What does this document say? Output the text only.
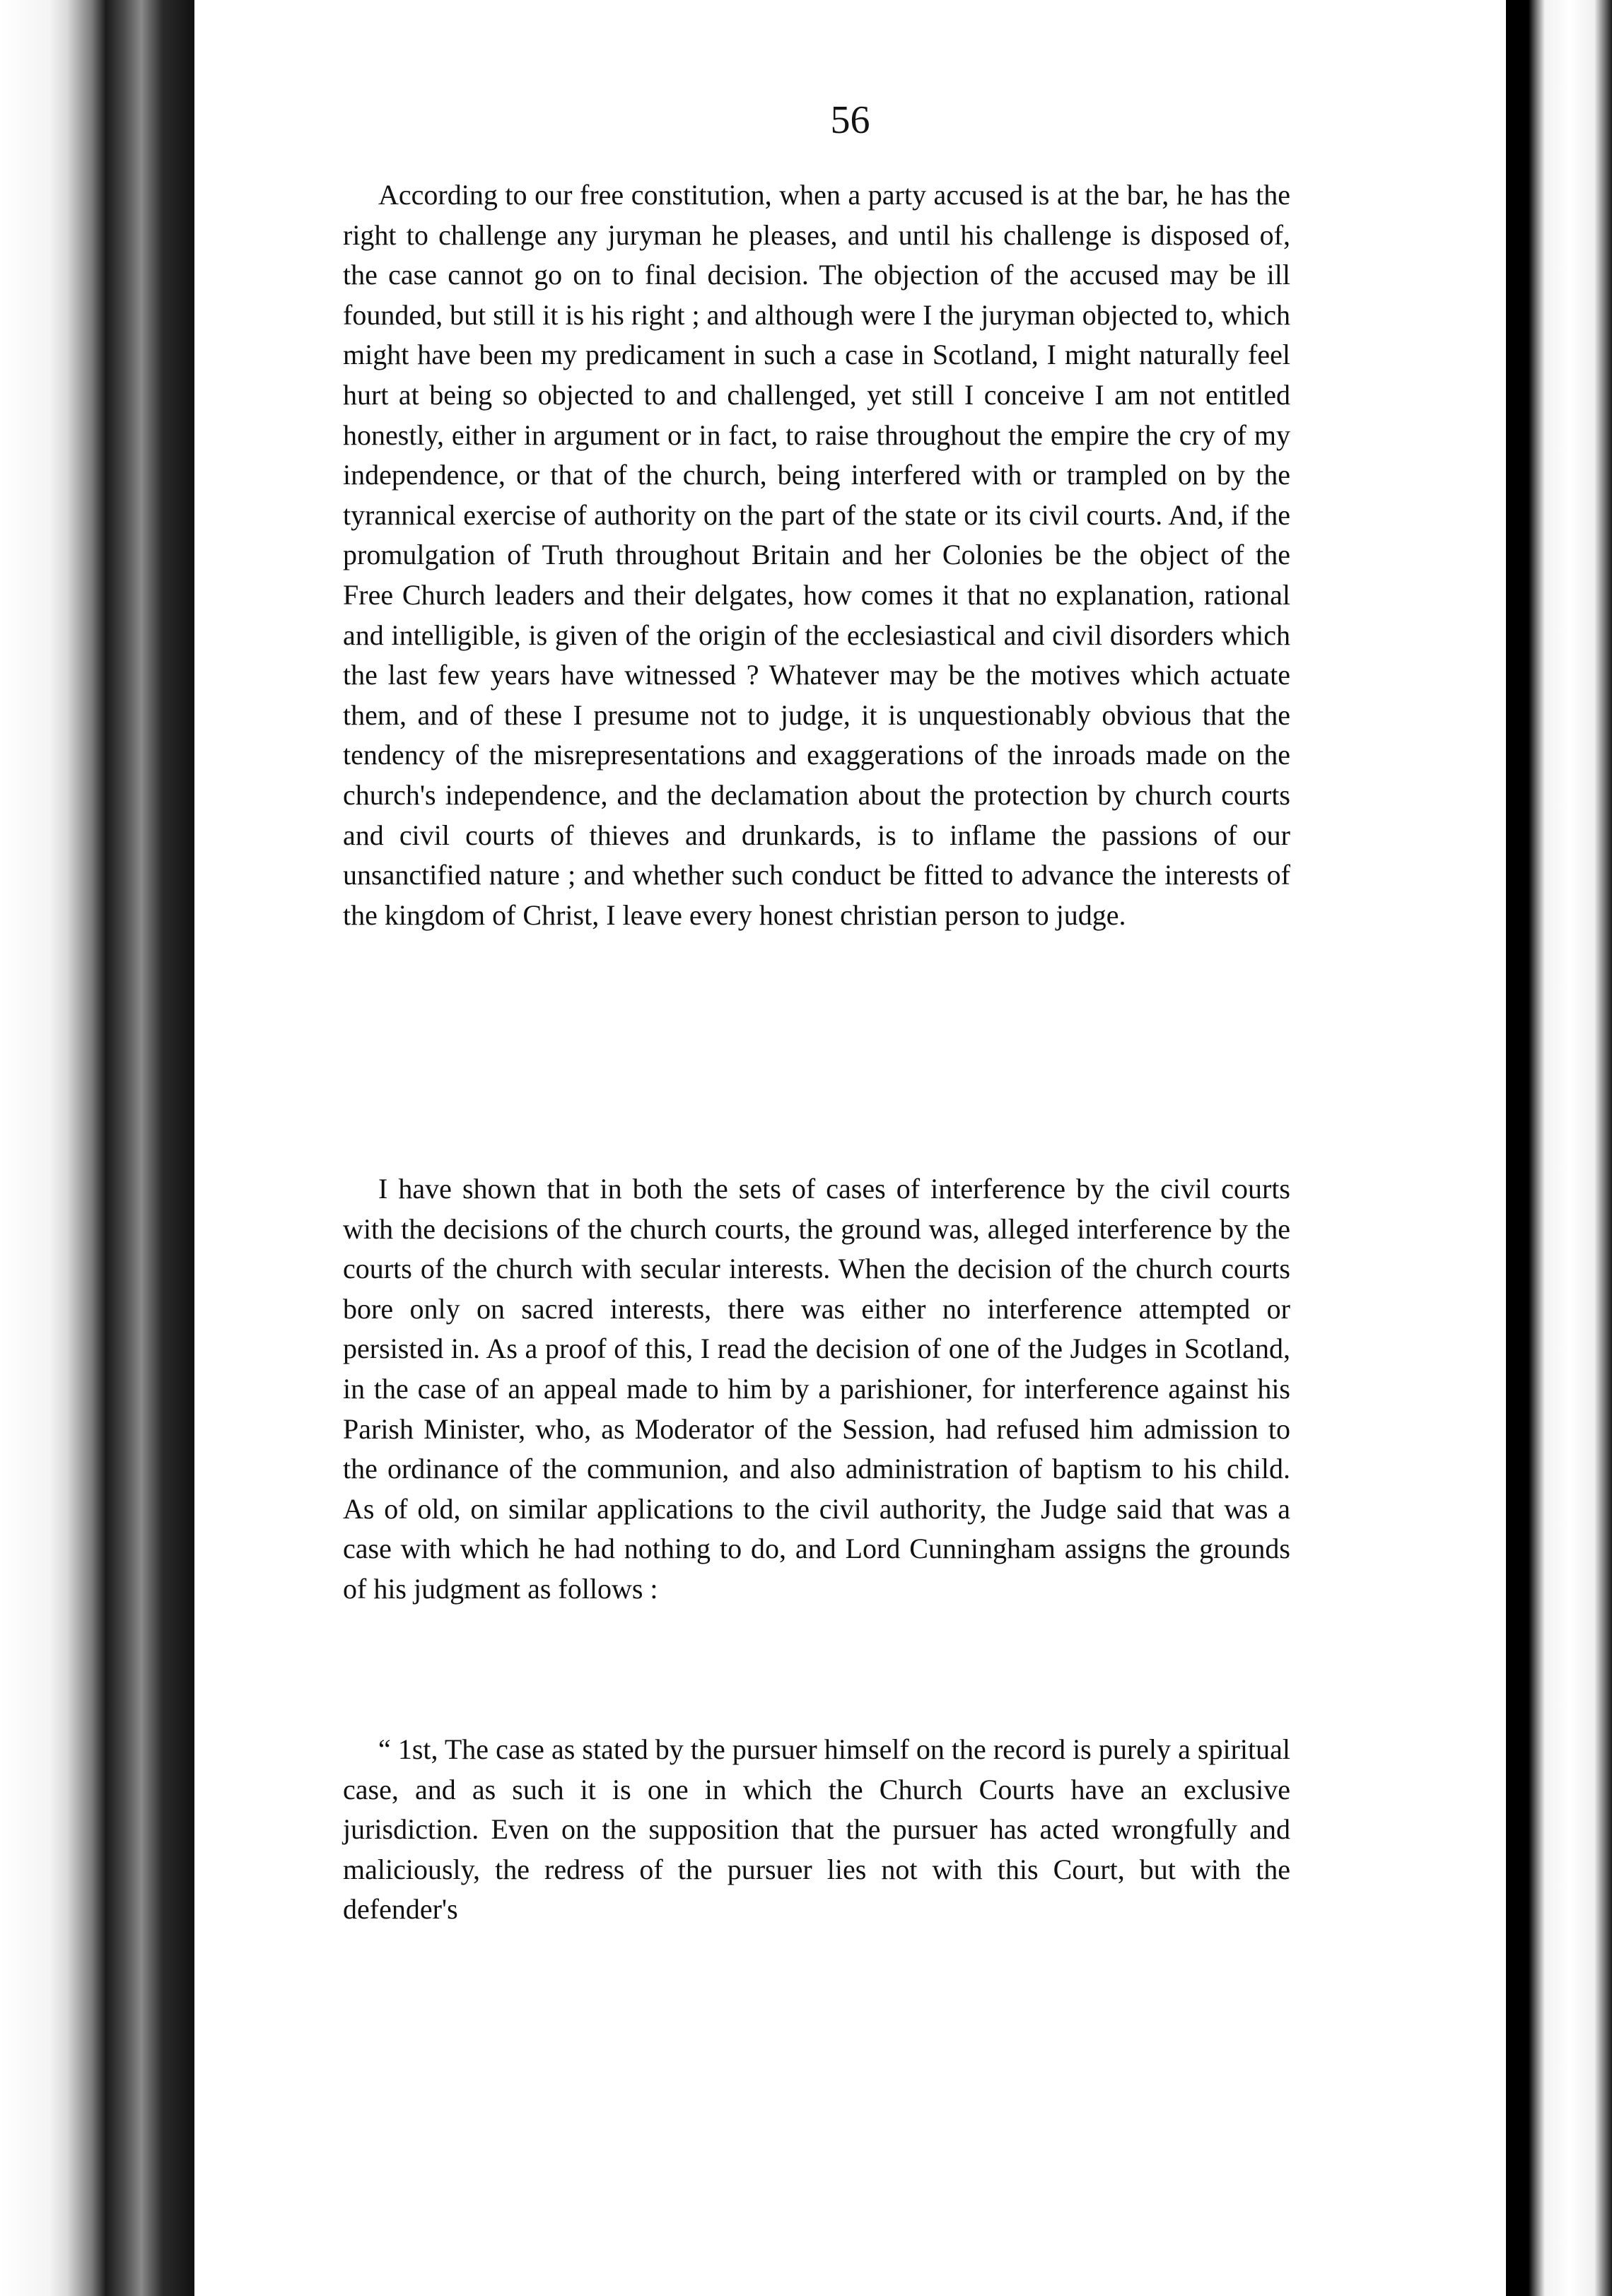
56

According to our free constitution, when a party accused is at the bar, he has the right to challenge any juryman he pleases, and until his challenge is disposed of, the case cannot go on to final decision. The objection of the accused may be ill founded, but still it is his right ; and although were I the juryman objected to, which might have been my predicament in such a case in Scotland, I might naturally feel hurt at being so objected to and challenged, yet still I conceive I am not entitled honestly, either in argument or in fact, to raise throughout the empire the cry of my independence, or that of the church, being interfered with or trampled on by the tyrannical exercise of authority on the part of the state or its civil courts. And, if the promulgation of Truth throughout Britain and her Colonies be the object of the Free Church leaders and their delgates, how comes it that no explanation, rational and intelligible, is given of the origin of the ecclesiastical and civil disorders which the last few years have witnessed ? Whatever may be the motives which actuate them, and of these I presume not to judge, it is unquestionably obvious that the tendency of the misrepresentations and exaggerations of the inroads made on the church's independence, and the declamation about the protection by church courts and civil courts of thieves and drunkards, is to inflame the passions of our unsanctified nature ; and whether such conduct be fitted to advance the interests of the kingdom of Christ, I leave every honest christian person to judge.

I have shown that in both the sets of cases of interference by the civil courts with the decisions of the church courts, the ground was, alleged interference by the courts of the church with secular interests. When the decision of the church courts bore only on sacred interests, there was either no interference attempted or persisted in. As a proof of this, I read the decision of one of the Judges in Scotland, in the case of an appeal made to him by a parishioner, for interference against his Parish Minister, who, as Moderator of the Session, had refused him admission to the ordinance of the communion, and also administration of baptism to his child. As of old, on similar applications to the civil authority, the Judge said that was a case with which he had nothing to do, and Lord Cunningham assigns the grounds of his judgment as follows :

“ 1st, The case as stated by the pursuer himself on the record is purely a spiritual case, and as such it is one in which the Church Courts have an exclusive jurisdiction. Even on the supposition that the pursuer has acted wrongfully and maliciously, the redress of the pursuer lies not with this Court, but with the defender's
